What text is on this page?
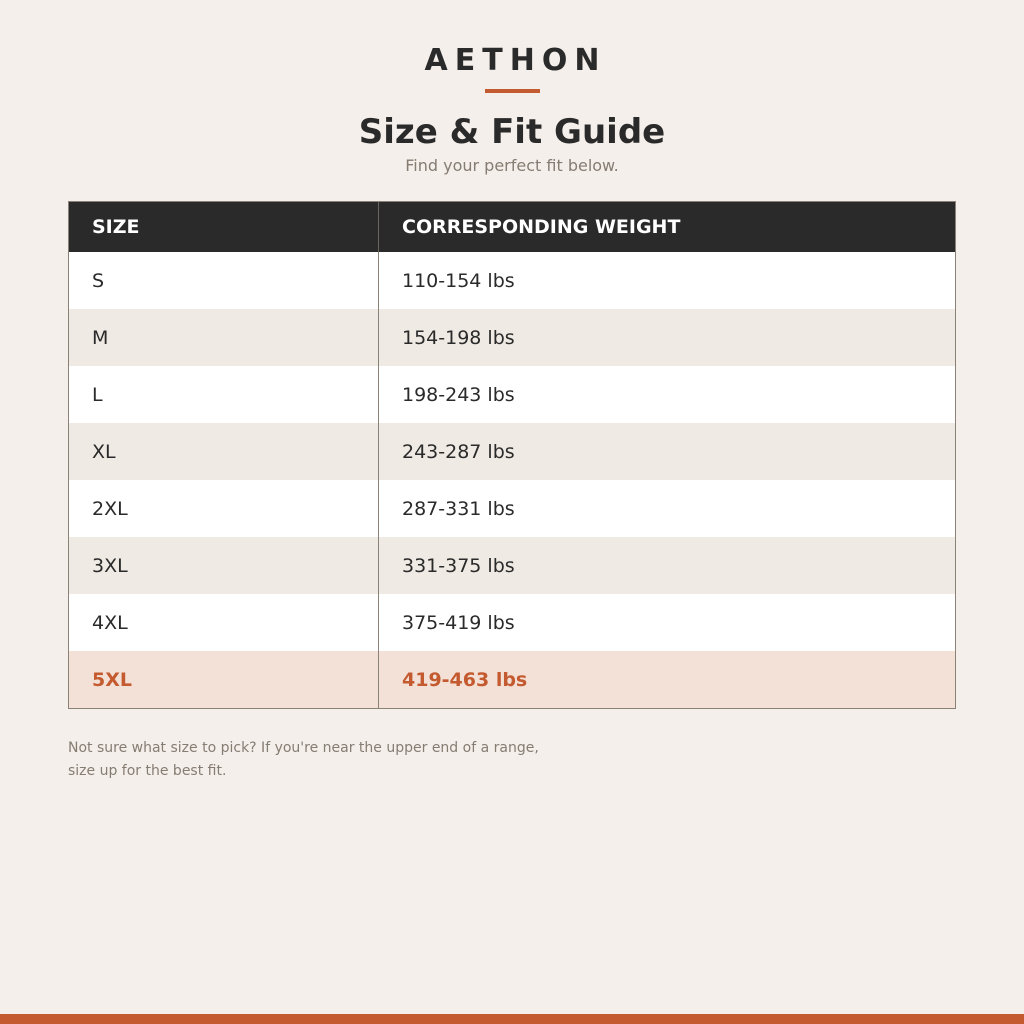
AETHON
Size & Fit Guide
Find your perfect fit below.
SIZE	CORRESPONDING WEIGHT
S	110-154 lbs
M	154-198 lbs
L	198-243 lbs
XL	243-287 lbs
2XL	287-331 lbs
3XL	331-375 lbs
4XL	375-419 lbs
5XL	419-463 lbs
Not sure what size to pick? If you're near the upper end of a range, size up for the best fit.
